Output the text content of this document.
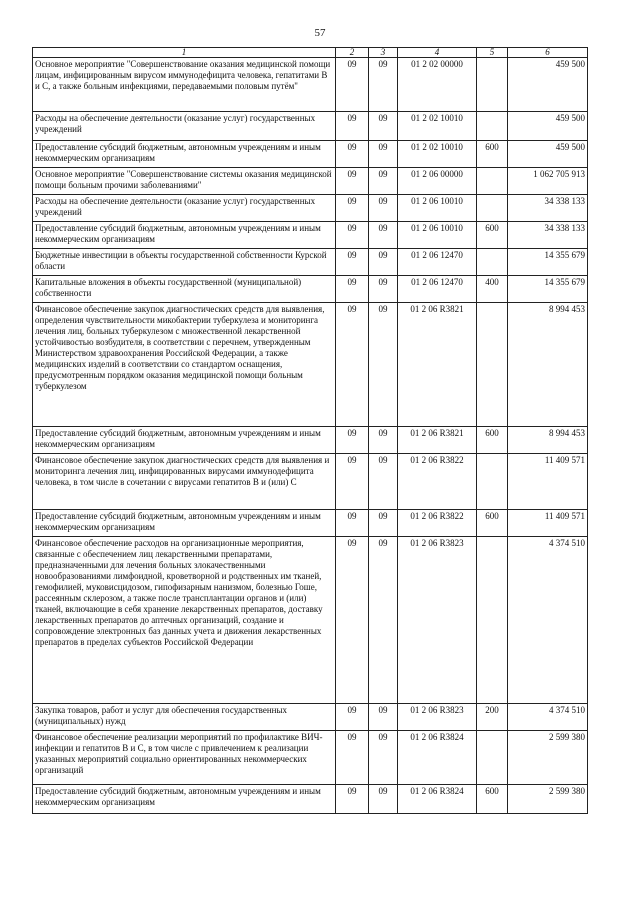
57
1	2	3	4	5	6
Основное мероприятие "Совершенствование оказания медицинской помощи лицам, инфицированным вирусом иммунодефицита человека, гепатитами В и С, а также больным инфекциями, передаваемыми половым путём"	09	09	01 2 02 00000		459 500
Расходы на обеспечение деятельности (оказание услуг) государственных учреждений	09	09	01 2 02 10010		459 500
Предоставление субсидий бюджетным, автономным учреждениям и иным некоммерческим организациям	09	09	01 2 02 10010	600	459 500
Основное мероприятие "Совершенствование системы оказания медицинской помощи больным прочими заболеваниями"	09	09	01 2 06 00000		1 062 705 913
Расходы на обеспечение деятельности (оказание услуг) государственных учреждений	09	09	01 2 06 10010		34 338 133
Предоставление субсидий бюджетным, автономным учреждениям и иным некоммерческим организациям	09	09	01 2 06 10010	600	34 338 133
Бюджетные инвестиции в объекты государственной собственности Курской области	09	09	01 2 06 12470		14 355 679
Капитальные вложения в объекты государственной (муниципальной) собственности	09	09	01 2 06 12470	400	14 355 679
Финансовое обеспечение закупок диагностических средств для выявления, определения чувствительности микобактерии туберкулеза и мониторинга лечения лиц, больных туберкулезом с множественной лекарственной устойчивостью возбудителя, в соответствии с перечнем, утвержденным Министерством здравоохранения Российской Федерации, а также медицинских изделий в соответствии со стандартом оснащения, предусмотренным порядком оказания медицинской помощи больным туберкулезом	09	09	01 2 06 R3821		8 994 453
Предоставление субсидий бюджетным, автономным учреждениям и иным некоммерческим организациям	09	09	01 2 06 R3821	600	8 994 453
Финансовое обеспечение закупок диагностических средств для выявления и мониторинга лечения лиц, инфицированных вирусами иммунодефицита человека, в том числе в сочетании с вирусами гепатитов В и (или) С	09	09	01 2 06 R3822		11 409 571
Предоставление субсидий бюджетным, автономным учреждениям и иным некоммерческим организациям	09	09	01 2 06 R3822	600	11 409 571
Финансовое обеспечение расходов на организационные мероприятия, связанные с обеспечением лиц лекарственными препаратами, предназначенными для лечения больных злокачественными новообразованиями лимфоидной, кроветворной и родственных им тканей, гемофилией, муковисцидозом, гипофизарным нанизмом, болезнью Гоше, рассеянным склерозом, а также после трансплантации органов и (или) тканей, включающие в себя хранение лекарственных препаратов, доставку лекарственных препаратов до аптечных организаций, создание и сопровождение электронных баз данных учета и движения лекарственных препаратов в пределах субъектов Российской Федерации	09	09	01 2 06 R3823		4 374 510
Закупка товаров, работ и услуг для обеспечения государственных (муниципальных) нужд	09	09	01 2 06 R3823	200	4 374 510
Финансовое обеспечение реализации мероприятий по профилактике ВИЧ-инфекции и гепатитов В и С, в том числе с привлечением к реализации указанных мероприятий социально ориентированных некоммерческих организаций	09	09	01 2 06 R3824		2 599 380
Предоставление субсидий бюджетным, автономным учреждениям и иным некоммерческим организациям	09	09	01 2 06 R3824	600	2 599 380
